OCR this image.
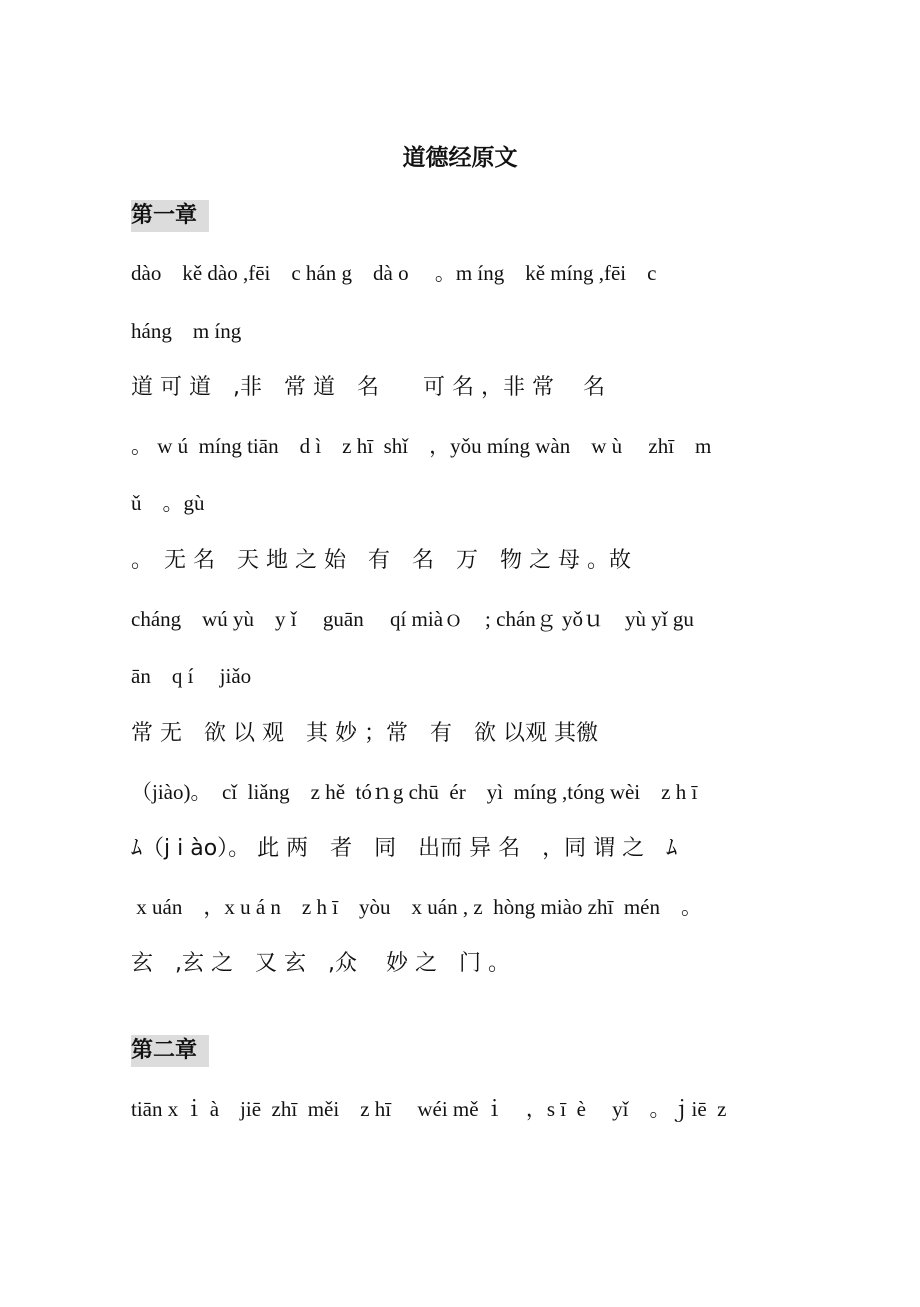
道德经原文
第一章
dào　kě dào ,fēi　c hán g　dà o　 。m íng　kě míng ,fēi　c
háng　m íng
道 可 道　,非　常 道　名　　可 名 ，非 常　 名
。 w ú  míng tiān　d ì　z hī  shǐ　，yǒu míng wàn　w ù　 zhī　m
ǔ　。gù
。　无 名　天 地 之 始　有　名　万　物 之 母 。故
cháng　wú yù　y ǐ　 guān　 qí miàｏ　; chánｇ yǒｕ　yù yǐ gu
ān　q í　 jiǎo
常 无　欲 以 观　其 妙 ；常　有　欲 以观 其徼
（jiào)。　cǐ  liǎng　z hě  tóｎg chū  ér　yì  míng ,tóng wèi　z h ī
ﾑ（j i ào）。 此 两　者　同　出而 异 名　，同 谓 之　ﾑ
x uán　，x u á n　z h ī　yòu　x uán , z  hòng miào zhī  mén　。
玄　,玄 之　又 玄　,众　 妙 之　门 。
第二章
tiān x ｉ à　jiē  zhī  měi　z hī　 wéi mě ｉ　，s ī  è　 yǐ　。ｊiē  z
